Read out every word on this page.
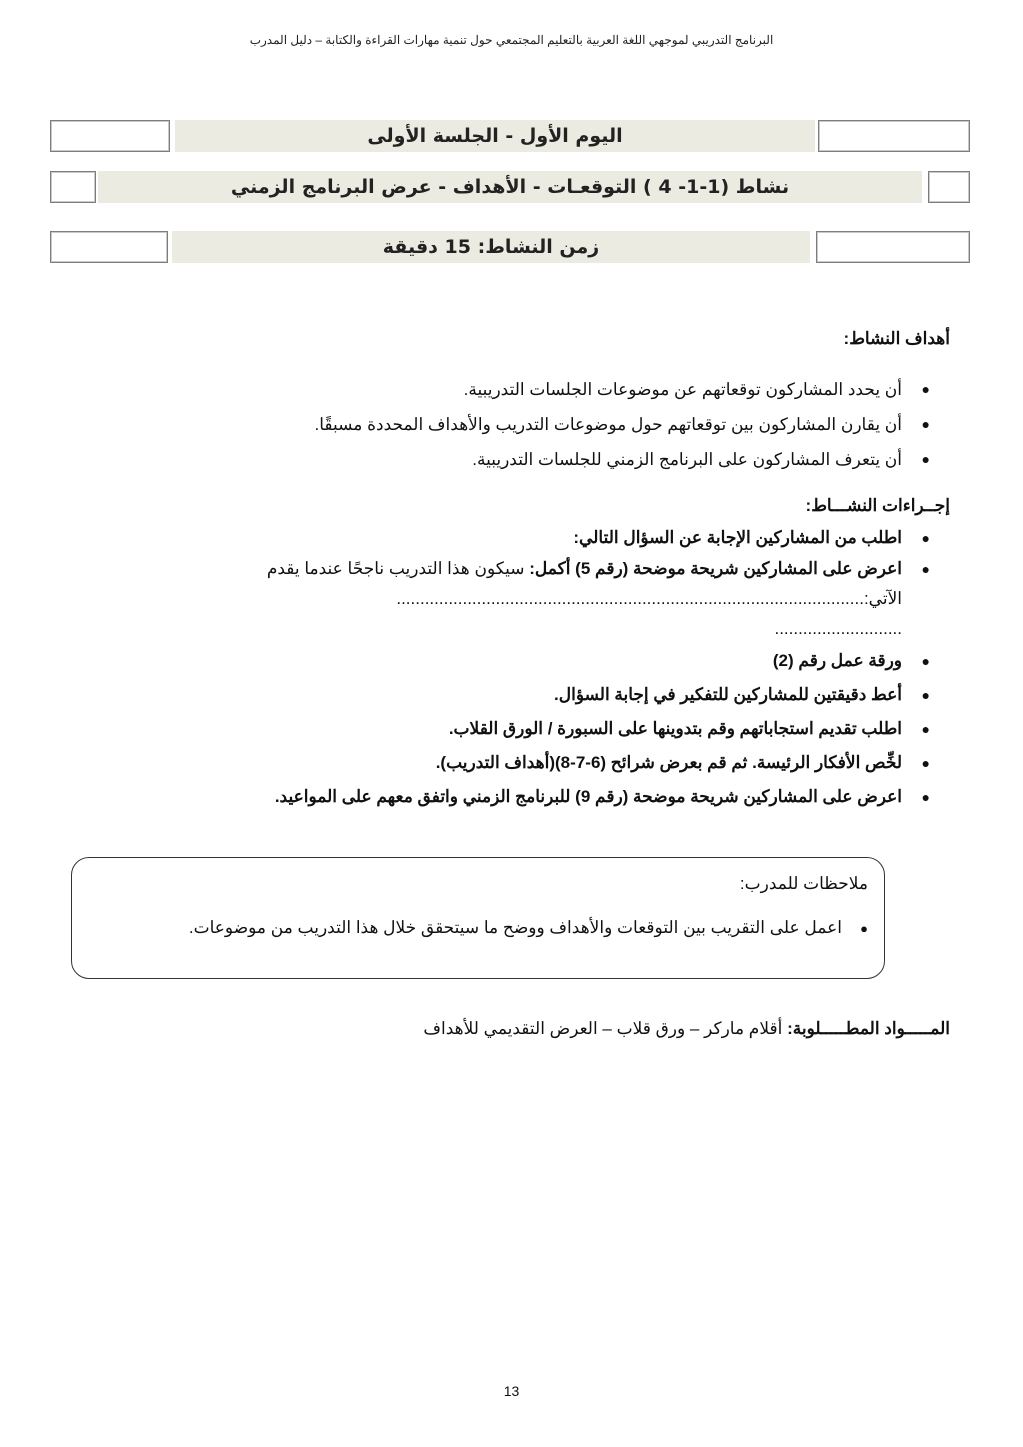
البرنامج التدريبي لموجهي اللغة العربية بالتعليم المجتمعي حول تنمية مهارات القراءة والكتابة – دليل المدرب
اليوم الأول - الجلسة الأولى
نشاط (1-1- 4 ) التوقعـات - الأهداف - عرض البرنامج الزمني
زمن النشاط: 15 دقيقة
أهداف النشاط:
●
أن يحدد المشاركون توقعاتهم عن موضوعات الجلسات التدريبية.
●
أن يقارن المشاركون بين توقعاتهم حول موضوعات التدريب والأهداف المحددة مسبقًا.
●
أن يتعرف المشاركون على البرنامج الزمني للجلسات التدريبية.
إجــراءات النشـــاط:
●
اطلب من المشاركين الإجابة عن السؤال التالي:
●
اعرض على المشاركين شريحة موضحة (رقم 5) أكمل: سيكون هذا التدريب ناجحًا عندما يقدم الآتي:...................................................................................................
...........................
●
ورقة عمل رقم (2)
●
أعط دقيقتين للمشاركين للتفكير في إجابة السؤال.
●
اطلب تقديم استجاباتهم وقم بتدوينها على السبورة / الورق القلاب.
●
لخِّص الأفكار الرئيسة. ثم قم بعرض شرائح (6-7-8)(أهداف التدريب).
●
اعرض على المشاركين شريحة موضحة (رقم 9) للبرنامج الزمني واتفق معهم على المواعيد.
ملاحظات للمدرب:
●
اعمل على التقريب بين التوقعات والأهداف ووضح ما سيتحقق خلال هذا التدريب من موضوعات.
المـــــواد المطـــــلوبة: أقلام ماركر – ورق قلاب – العرض التقديمي للأهداف
13
